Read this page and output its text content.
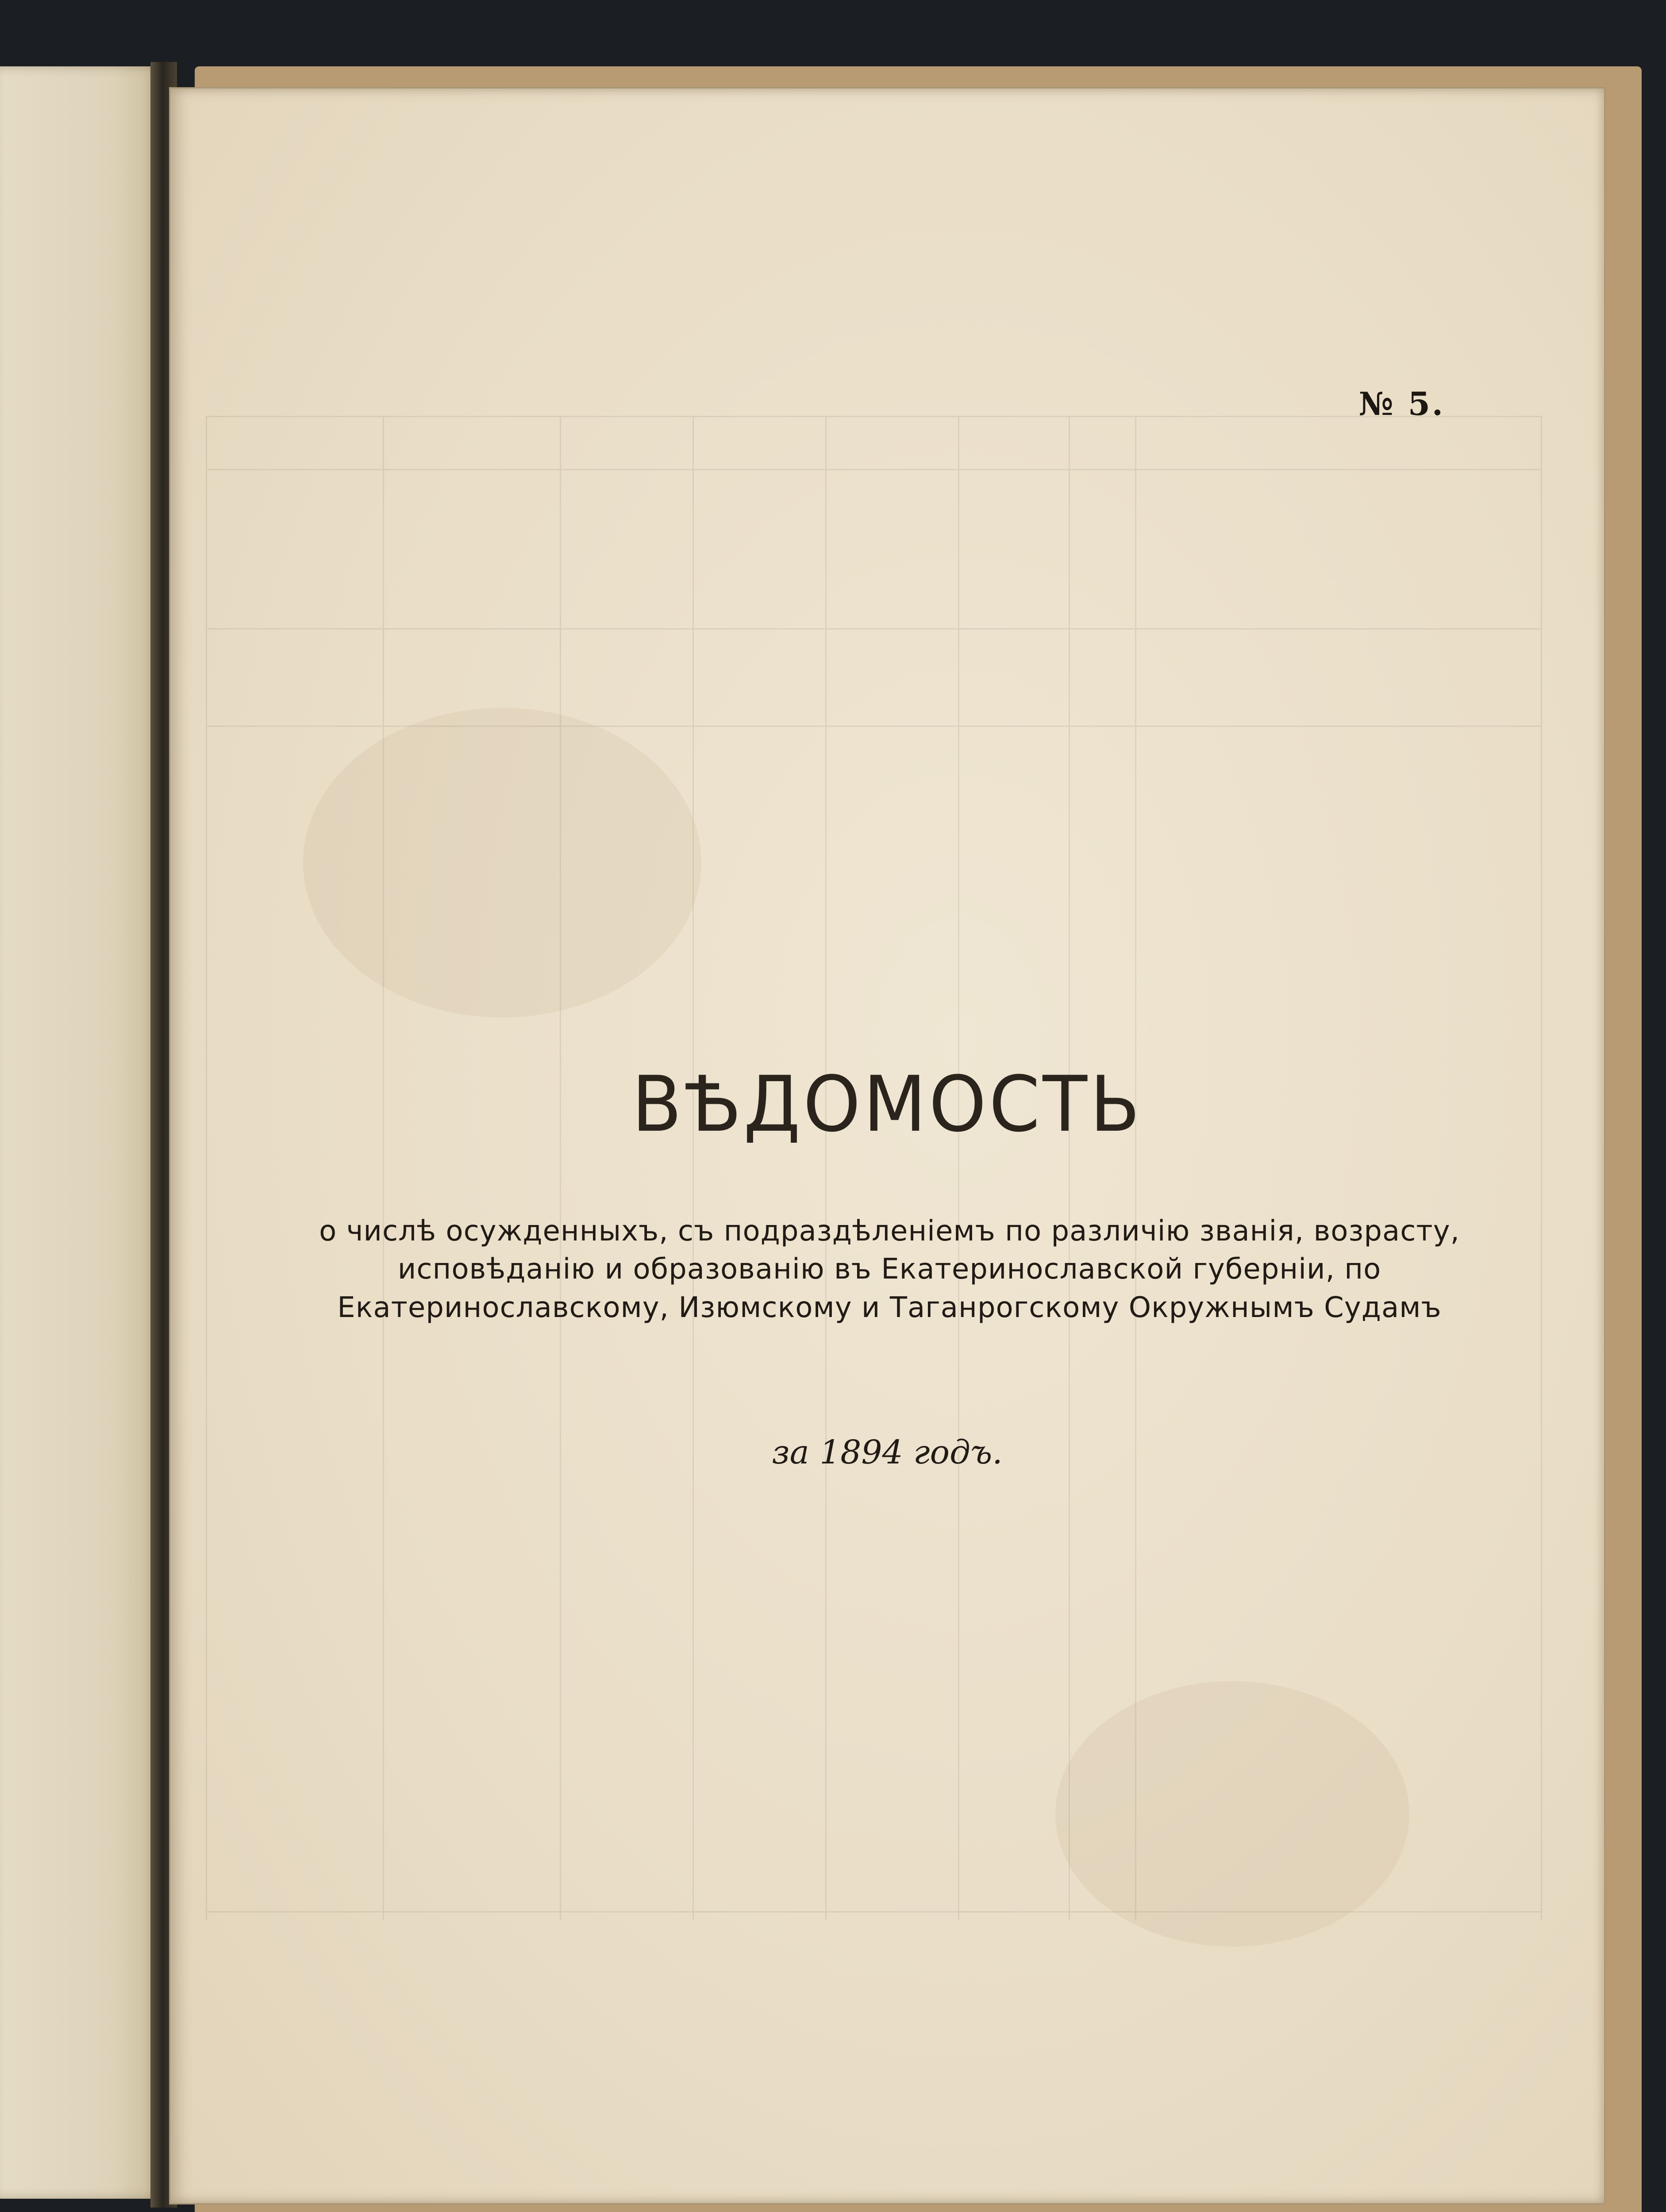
№ 5.
ВѢДОМОСТЬ
о числѣ осужденныхъ, съ подраздѣленіемъ по различію званія, возрасту, исповѣданію и образованію въ Екатеринославской губерніи, по Екатеринославскому, Изюмскому и Таганрогскому Окружнымъ Судамъ
за 1894 годъ.
